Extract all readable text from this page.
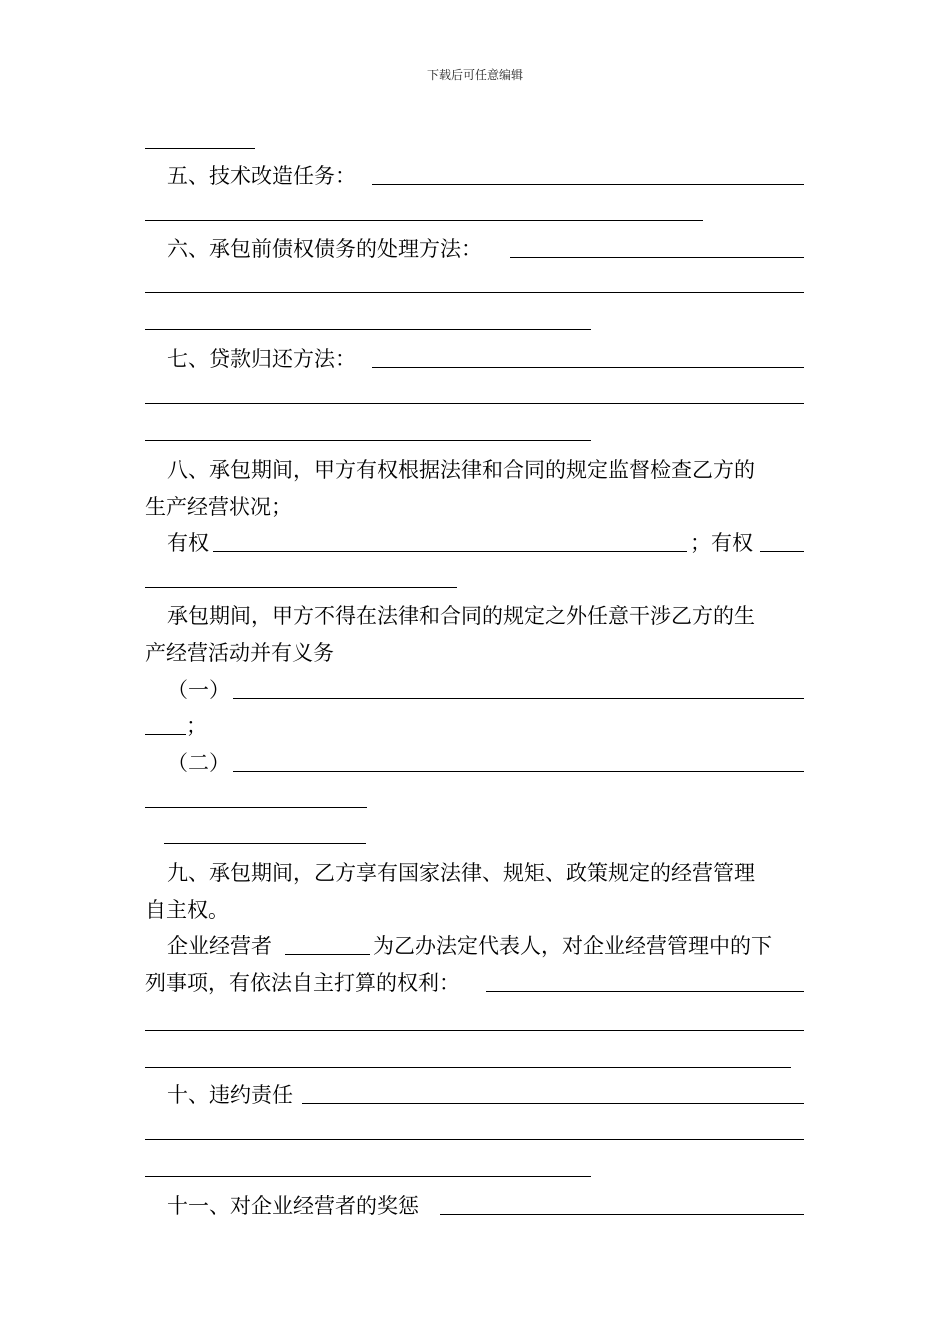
下载后可任意编辑
五、技术改造任务：
六、承包前债权债务的处理方法：
七、贷款归还方法：
八、承包期间，甲方有权根据法律和合同的规定监督检查乙方的
生产经营状况；
有权	；有权
承包期间，甲方不得在法律和合同的规定之外任意干涉乙方的生
产经营活动并有义务
（一）
；
（二）
九、承包期间，乙方享有国家法律、规矩、政策规定的经营管理
自主权。
企业经营者	为乙办法定代表人，对企业经营管理中的下
列事项，有依法自主打算的权利：
十、违约责任
十一、对企业经营者的奖惩
